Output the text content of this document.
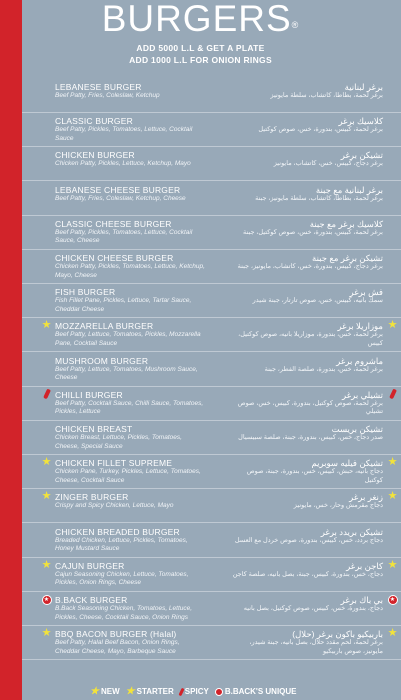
BURGERS®
ADD 5000 L.L & GET A PLATE
ADD 1000 L.L FOR ONION RINGS
LEBANESE BURGER
Beef Patty, Fries, Coleslaw, Ketchup
برغر لبنانية
برغر لحمة، بطاطا، كاتشاب، سلطة مايونيز
CLASSIC BURGER
Beef Patty, Pickles, Tomatoes, Lettuce, Cocktail Sauce
كلاسيك برغر
برغر لحمة، كبيس، بندورة، خس، صوص كوكتيل
CHICKEN BURGER
Chicken Patty, Pickles, Lettuce, Ketchup, Mayo
تشيكن برغر
برغر دجاج، كبيس، خس، كاتشاب، مايونيز
LEBANESE CHEESE BURGER
Beef Patty, Fries, Coleslaw, Ketchup, Cheese
برغر لبنانية مع جبنة
برغر لحمة، بطاطا، كاتشاب، سلطة مايونيز، جبنة
CLASSIC CHEESE BURGER
Beef Patty, Pickles, Tomatoes, Lettuce, Cocktail Sauce, Cheese
كلاسيك برغر مع جبنة
برغر لحمة، كبيس، بندورة، خس، صوص كوكتيل، جبنة
CHICKEN CHEESE BURGER
Chicken Patty, Pickles, Tomatoes, Lettuce, Ketchup, Mayo, Cheese
تشيكن برغر مع جبنة
برغر دجاج، كبيس، بندورة، خس، كاتشاب، مايونيز، جبنة
FISH BURGER
Fish Fillet Pane, Pickles, Lettuce, Tartar Sauce, Cheddar Cheese
فش برغر
سمك بانيه، كبيس، خس، صوص تارتار، جبنة شيدر
MOZZARELLA BURGER
Beef Patty, Lettuce, Tomatoes, Pickles, Mozzarella Pane, Cocktail Sauce
موزاريلا برغر
برغر لحمة، خس، بندورة، موزاريلا بانيه، صوص كوكتيل، كبيس
★	★
MUSHROOM BURGER
Beef Patty, Lettuce, Tomatoes, Mushroom Sauce, Cheese
ماشروم برغر
برغر لحمة، خس، بندورة، صلصة الفطر، جبنة
CHILLI BURGER
Beef Patty, Cocktail Sauce, Chilli Sauce, Tomatoes, Pickles, Lettuce
تشيلي برغر
برغر لحمة، صوص كوكتيل، بندورة، كبيس، خس، صوص تشيلي
CHICKEN BREAST
Chicken Breast, Lettuce, Pickles, Tomatoes, Cheese, Special Sauce
تشيكن بريست
صدر دجاج، خس، كبيس، بندورة، جبنة، صلصة سبيسيال
CHICKEN FILLET SUPREME
Chicken Pane, Turkey, Pickles, Lettuce, Tomatoes, Cheese, Cocktail Sauce
تشيكن فيليه سوبريم
دجاج بانيه، حبش، كبيس، خس، بندورة، جبنة، صوص كوكتيل
★	★
ZINGER BURGER
Crispy and Spicy Chicken, Lettuce, Mayo
زنغر برغر
دجاج مقرمش وحار، خس، مايونيز
★	★
CHICKEN BREADED BURGER
Breaded Chicken, Lettuce, Pickles, Tomatoes, Honey Mustard Sauce
تشيكن بريدد برغر
دجاج بردد، خس، كبيس، بندورة، صوص خردل مع العسل
CAJUN BURGER
Cajun Seasoning Chicken, Lettuce, Tomatoes, Pickles, Onion Rings, Cheese
كاجن برغر
دجاج، خس، بندورة، كبيس، جبنة، بصل بانيه، صلصة كاجن
★	★
B.BACK BURGER
B.Back Seasoning Chicken, Tomatoes, Lettuce, Pickles, Cheese, Cocktail Sauce, Onion Rings
بي باك برغر
دجاج، بندورة، خس، كبيس، صوص كوكتيل، بصل بانيه
★	★
BBQ BACON BURGER (Halal)
Beef Patty, Halal Beef Bacon, Onion Rings, Cheddar Cheese, Mayo, Barbeque Sauce
باربيكيو باكون برغر (حلال)
برغر لحمة، لحم مقدد حلال، بصل بانيه، جبنة شيدر، مايونيز، صوص باربيكيو
★	★
★ NEW ★ STARTER SPICY B.BACK'S UNIQUE
